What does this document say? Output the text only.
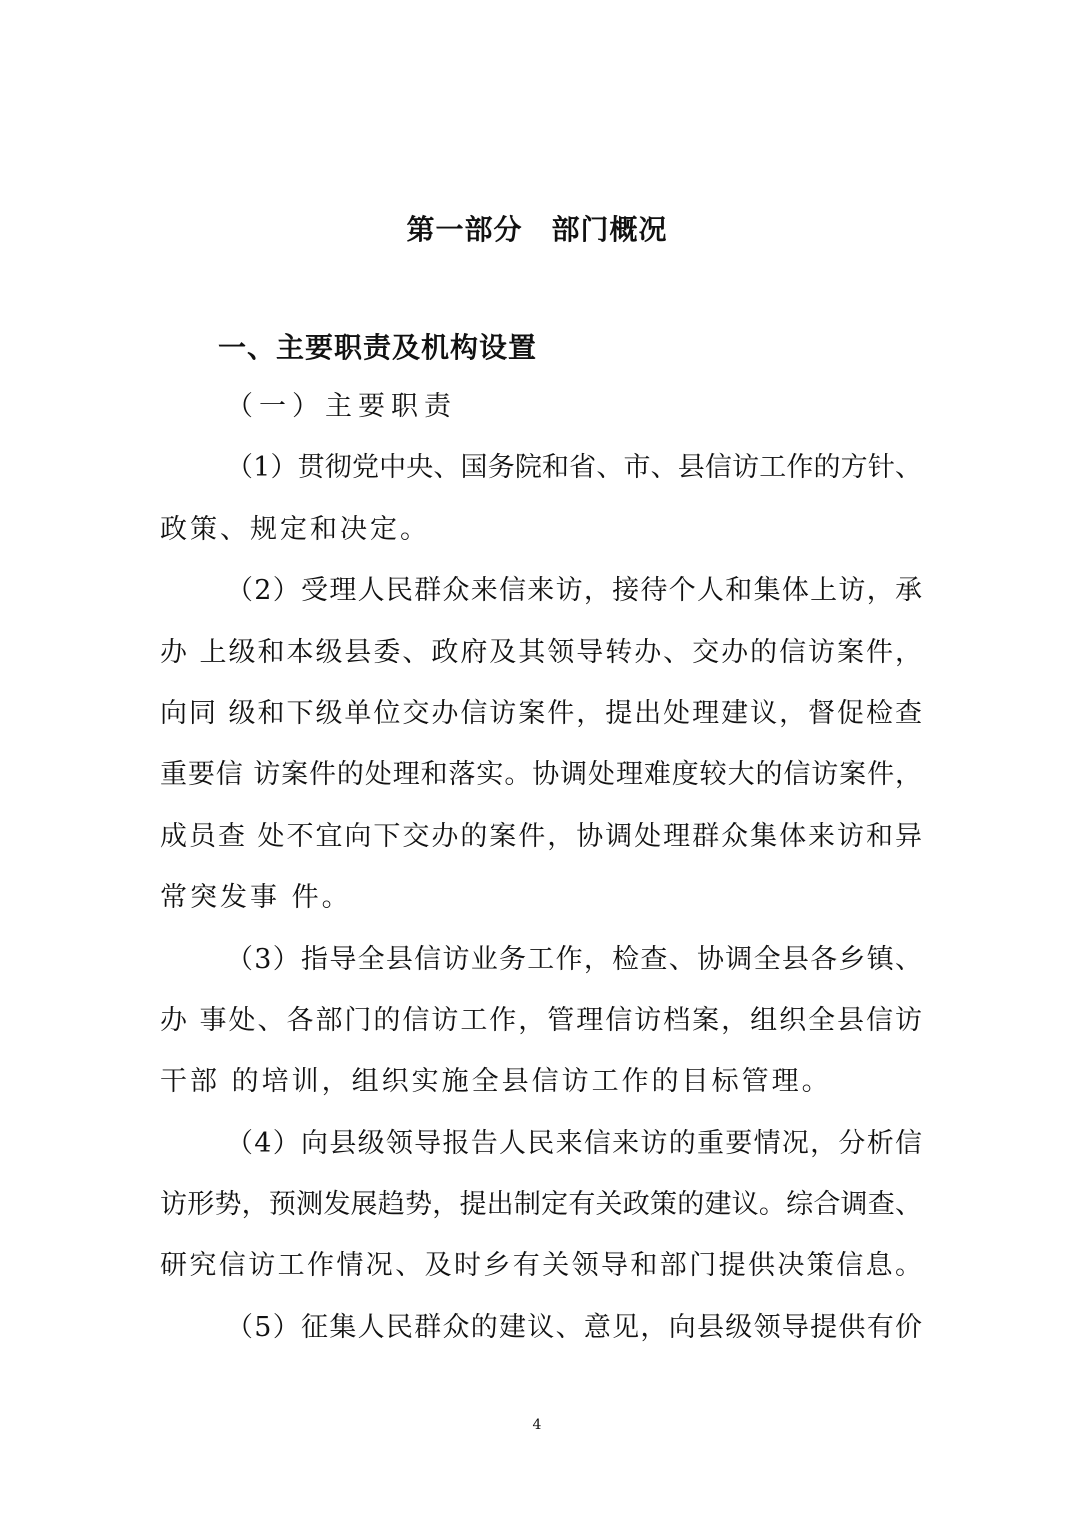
第一部分　部门概况
一、主要职责及机构设置
（一）主要职责
（1）贯彻党中央、国务院和省、市、县信访工作的方针、
政策、规定和决定。
（2）受理人民群众来信来访，接待个人和集体上访，承
办 上级和本级县委、政府及其领导转办、交办的信访案件，
向同 级和下级单位交办信访案件，提出处理建议，督促检查
重要信 访案件的处理和落实。协调处理难度较大的信访案件，
成员查 处不宜向下交办的案件，协调处理群众集体来访和异
常突发事 件。
（3）指导全县信访业务工作，检查、协调全县各乡镇、
办 事处、各部门的信访工作，管理信访档案，组织全县信访
干部 的培训，组织实施全县信访工作的目标管理。
（4）向县级领导报告人民来信来访的重要情况，分析信
访形势，预测发展趋势，提出制定有关政策的建议。综合调查、
研究信访工作情况、及时乡有关领导和部门提供决策信息。
（5）征集人民群众的建议、意见，向县级领导提供有价
4
